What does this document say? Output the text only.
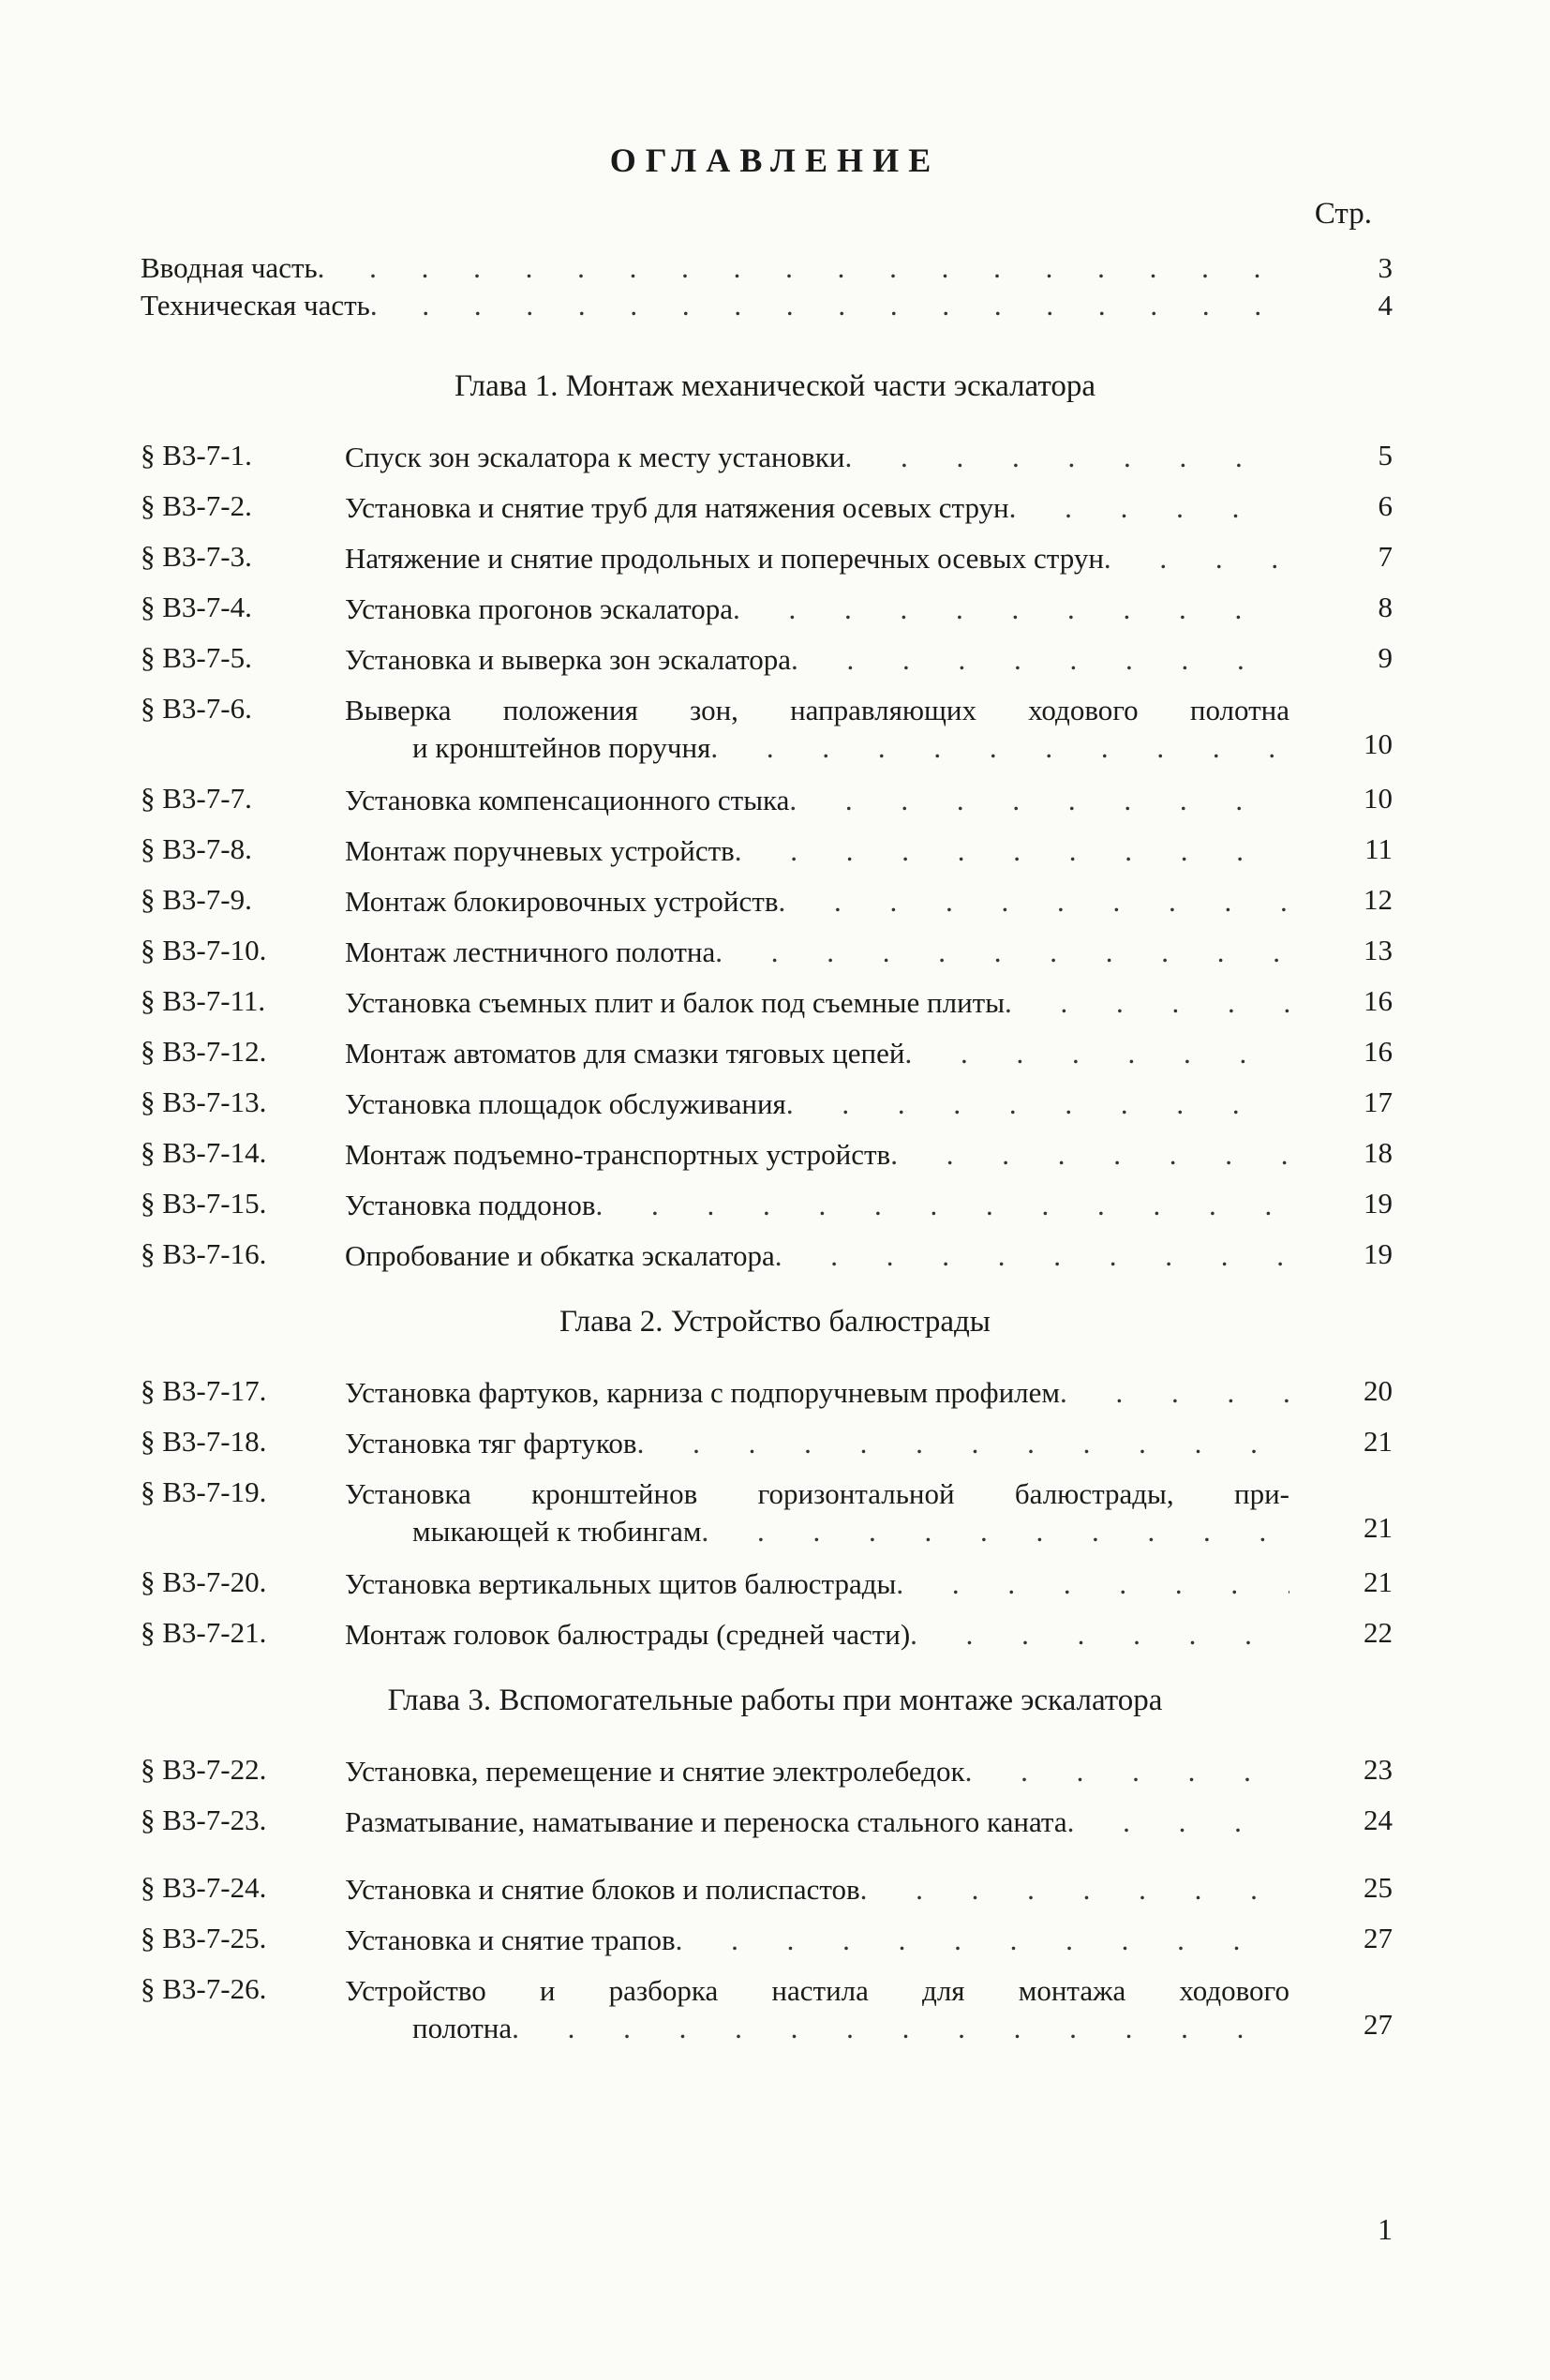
ОГЛАВЛЕНИЕ
Стр.
Вводная часть . . .	3
Техническая часть . . .	4
Глава 1. Монтаж механической части эскалатора
§ В3-7-1.	Спуск зон эскалатора к месту установки . . .	5
§ В3-7-2.	Установка и снятие труб для натяжения осевых струн . . .	6
§ В3-7-3.	Натяжение и снятие продольных и поперечных осевых струн . . .	7
§ В3-7-4.	Установка прогонов эскалатора . . .	8
§ В3-7-5.	Установка и выверка зон эскалатора . . .	9
§ В3-7-6.	Выверка положения зон, направляющих ходового полотна
и кронштейнов поручня . . .	10
§ В3-7-7.	Установка компенсационного стыка . . .	10
§ В3-7-8.	Монтаж поручневых устройств . . .	11
§ В3-7-9.	Монтаж блокировочных устройств . . .	12
§ В3-7-10.	Монтаж лестничного полотна . . .	13
§ В3-7-11.	Установка съемных плит и балок под съемные плиты . . .	16
§ В3-7-12.	Монтаж автоматов для смазки тяговых цепей . . .	16
§ В3-7-13.	Установка площадок обслуживания . . .	17
§ В3-7-14.	Монтаж подъемно-транспортных устройств . . .	18
§ В3-7-15.	Установка поддонов . . .	19
§ В3-7-16.	Опробование и обкатка эскалатора . . .	19
Глава 2. Устройство балюстрады
§ В3-7-17.	Установка фартуков, карниза с подпоручневым профилем . . .	20
§ В3-7-18.	Установка тяг фартуков . . .	21
§ В3-7-19.	Установка кронштейнов горизонтальной балюстрады, при-
мыкающей к тюбингам . . .	21
§ В3-7-20.	Установка вертикальных щитов балюстрады . . .	21
§ В3-7-21.	Монтаж головок балюстрады (средней части) . . .	22
Глава 3. Вспомогательные работы при монтаже эскалатора
§ В3-7-22.	Установка, перемещение и снятие электролебедок . . .	23
§ В3-7-23.	Разматывание, наматывание и переноска стального каната . . .	24
§ В3-7-24.	Установка и снятие блоков и полиспастов . . .	25
§ В3-7-25.	Установка и снятие трапов . . .	27
§ В3-7-26.	Устройство и разборка настила для монтажа ходового
полотна . . .	27
1
